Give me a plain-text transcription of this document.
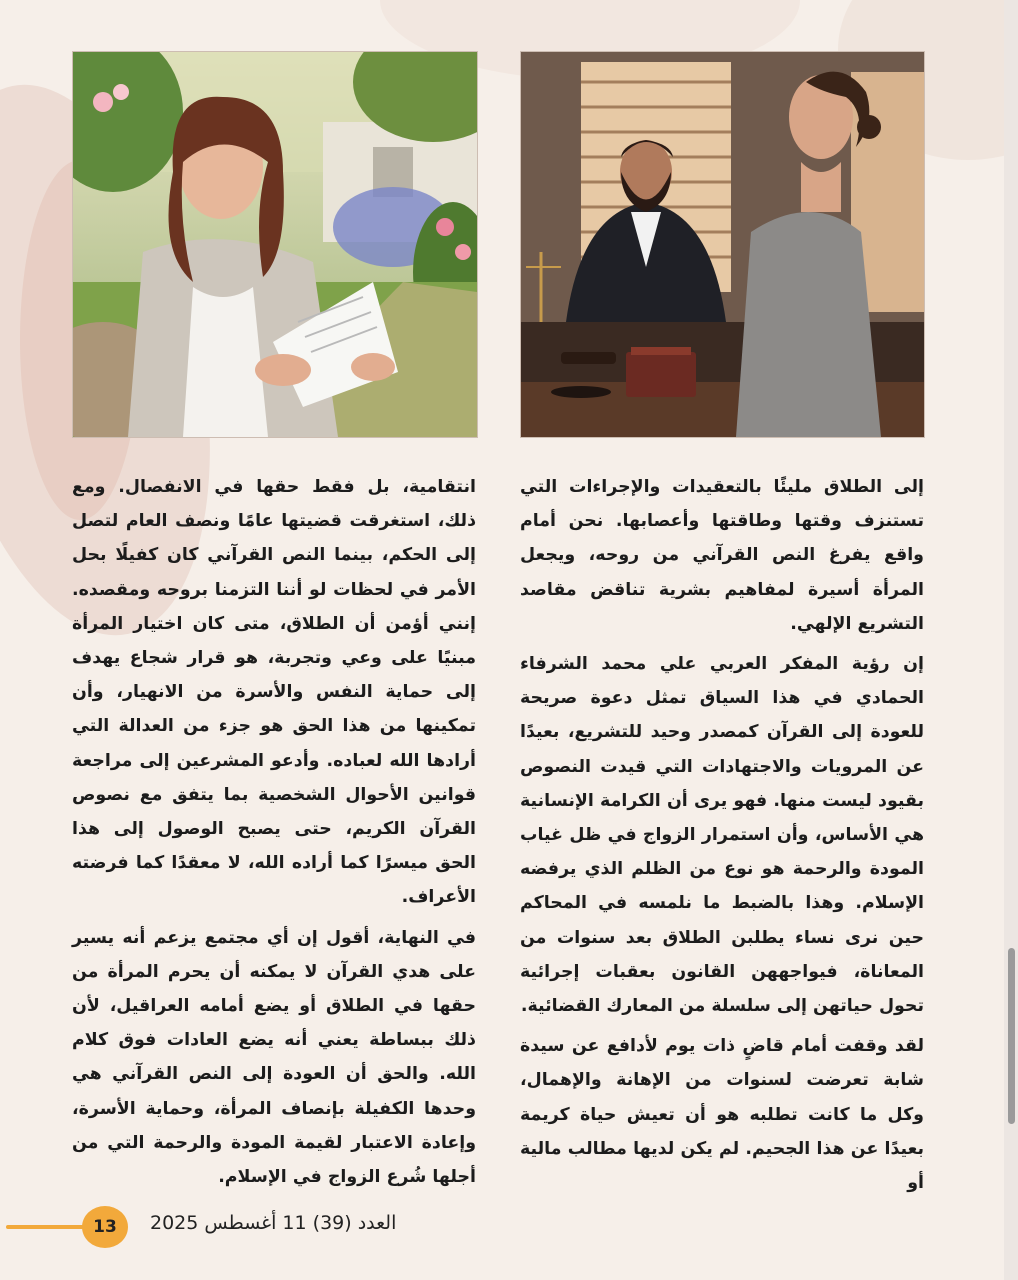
إلى الطلاق مليئًا بالتعقيدات والإجراءات التي تستنزف وقتها وطاقتها وأعصابها. نحن أمام واقع يفرغ النص القرآني من روحه، ويجعل المرأة أسيرة لمفاهيم بشرية تناقض مقاصد التشريع الإلهي.

إن رؤية المفكر العربي علي محمد الشرفاء الحمادي في هذا السياق تمثل دعوة صريحة للعودة إلى القرآن كمصدر وحيد للتشريع، بعيدًا عن المرويات والاجتهادات التي قيدت النصوص بقيود ليست منها. فهو يرى أن الكرامة الإنسانية هي الأساس، وأن استمرار الزواج في ظل غياب المودة والرحمة هو نوع من الظلم الذي يرفضه الإسلام. وهذا بالضبط ما نلمسه في المحاكم حين نرى نساء يطلبن الطلاق بعد سنوات من المعاناة، فيواجههن القانون بعقبات إجرائية تحول حياتهن إلى سلسلة من المعارك القضائية.

لقد وقفت أمام قاضٍ ذات يوم لأدافع عن سيدة شابة تعرضت لسنوات من الإهانة والإهمال، وكل ما كانت تطلبه هو أن تعيش حياة كريمة بعيدًا عن هذا الجحيم. لم يكن لديها مطالب مالية أو

انتقامية، بل فقط حقها في الانفصال. ومع ذلك، استغرقت قضيتها عامًا ونصف العام لتصل إلى الحكم، بينما النص القرآني كان كفيلًا بحل الأمر في لحظات لو أننا التزمنا بروحه ومقصده. إنني أؤمن أن الطلاق، متى كان اختيار المرأة مبنيًا على وعي وتجربة، هو قرار شجاع يهدف إلى حماية النفس والأسرة من الانهيار، وأن تمكينها من هذا الحق هو جزء من العدالة التي أرادها الله لعباده. وأدعو المشرعين إلى مراجعة قوانين الأحوال الشخصية بما يتفق مع نصوص القرآن الكريم، حتى يصبح الوصول إلى هذا الحق ميسرًا كما أراده الله، لا معقدًا كما فرضته الأعراف.

في النهاية، أقول إن أي مجتمع يزعم أنه يسير على هدي القرآن لا يمكنه أن يحرم المرأة من حقها في الطلاق أو يضع أمامه العراقيل، لأن ذلك ببساطة يعني أنه يضع العادات فوق كلام الله. والحق أن العودة إلى النص القرآني هي وحدها الكفيلة بإنصاف المرأة، وحماية الأسرة، وإعادة الاعتبار لقيمة المودة والرحمة التي من أجلها شُرع الزواج في الإسلام.

13	العدد (39) 11 أغسطس 2025
